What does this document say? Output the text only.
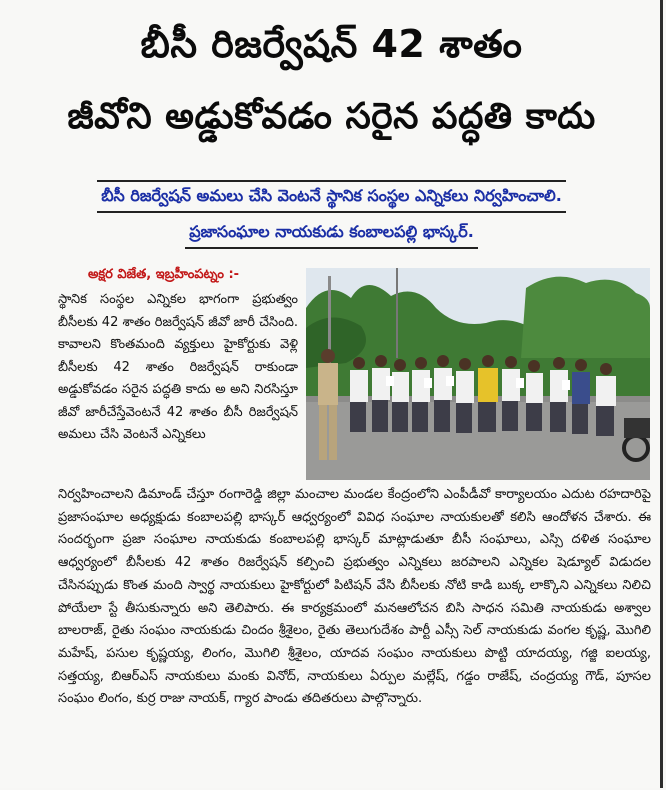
బీసీ రిజర్వేషన్ 42 శాతం
జీవోని అడ్డుకోవడం సరైన పద్ధతి కాదు
బీసీ రిజర్వేషన్ అమలు చేసి వెంటనే స్థానిక సంస్థల ఎన్నికలు నిర్వహించాలి.
ప్రజాసంఘాల నాయకుడు కంబాలపల్లి భాస్కర్.
అక్షర విజేత, ఇబ్రహీంపట్నం :-

స్థానిక సంస్థల ఎన్నికల భాగంగా ప్రభుత్వం బీసీలకు 42 శాతం రిజర్వేషన్ జీవో జారీ చేసింది. కావాలని కొంతమంది వ్యక్తులు హైకోర్టుకు వెళ్లి బీసీలకు 42 శాతం రిజర్వేషన్ రాకుండా అడ్డుకోవడం సరైన పద్ధతి కాదు అ అని నిరసిస్తూ జీవో జారీచేస్తేవెంటనే 42 శాతం బీసీ రిజర్వేషన్ అమలు చేసి వెంటనే ఎన్నికలు

నిర్వహించాలని డిమాండ్ చేస్తూ రంగారెడ్డి జిల్లా మంచాల మండల కేంద్రంలోని ఎంపీడీవో కార్యాలయం ఎదుట రహదారిపై ప్రజాసంఘాల అధ్యక్షుడు కంబాలపల్లి భాస్కర్ ఆధ్వర్యంలో వివిధ సంఘాల నాయకులతో కలిసి ఆందోళన చేశారు. ఈ సందర్భంగా ప్రజా సంఘాల నాయకుడు కంబాలపల్లి భాస్కర్ మాట్లాడుతూ బీసీ సంఘాలు, ఎస్సి దళిత సంఘాల ఆధ్వర్యంలో బీసీలకు 42 శాతం రిజర్వేషన్ కల్పించి ప్రభుత్వం ఎన్నికలు జరపాలని ఎన్నికల షెడ్యూల్ విడుదల చేసినప్పుడు కొంత మంది స్వార్థ నాయకులు హైకోర్టులో పిటిషన్ వేసి బీసీలకు నోటి కాడి బుక్క లాక్కొని ఎన్నికలు నిలిచి పోయేలా స్టే తీసుకున్నారు అని తెలిపారు. ఈ కార్యక్రమంలో మనఆలోచన బిసి సాధన సమితి నాయకుడు అశ్వాల బాలరాజ్, రైతు సంఘం నాయకుడు చిందం శ్రీశైలం, రైతు తెలుగుదేశం పార్టీ ఎస్సీ సెల్ నాయకుడు వంగల కృష్ణ, మొగిలి మహేష్, పసుల కృష్ణయ్య, లింగం, మొగిలి శ్రీశైలం, యాదవ సంఘం నాయకులు పొట్టి యాదయ్య, గజ్జి ఐలయ్య, సత్తయ్య, బిఆర్ఎస్ నాయకులు మంకు వినోద్, నాయకులు ఏర్పుల మల్లేష్, గడ్డం రాజేష్, చంద్రయ్య గౌడ్, పూసల సంఘం లింగం, కుర్ర రాజు నాయక్, గ్యార పాండు తదితరులు పాల్గొన్నారు.
